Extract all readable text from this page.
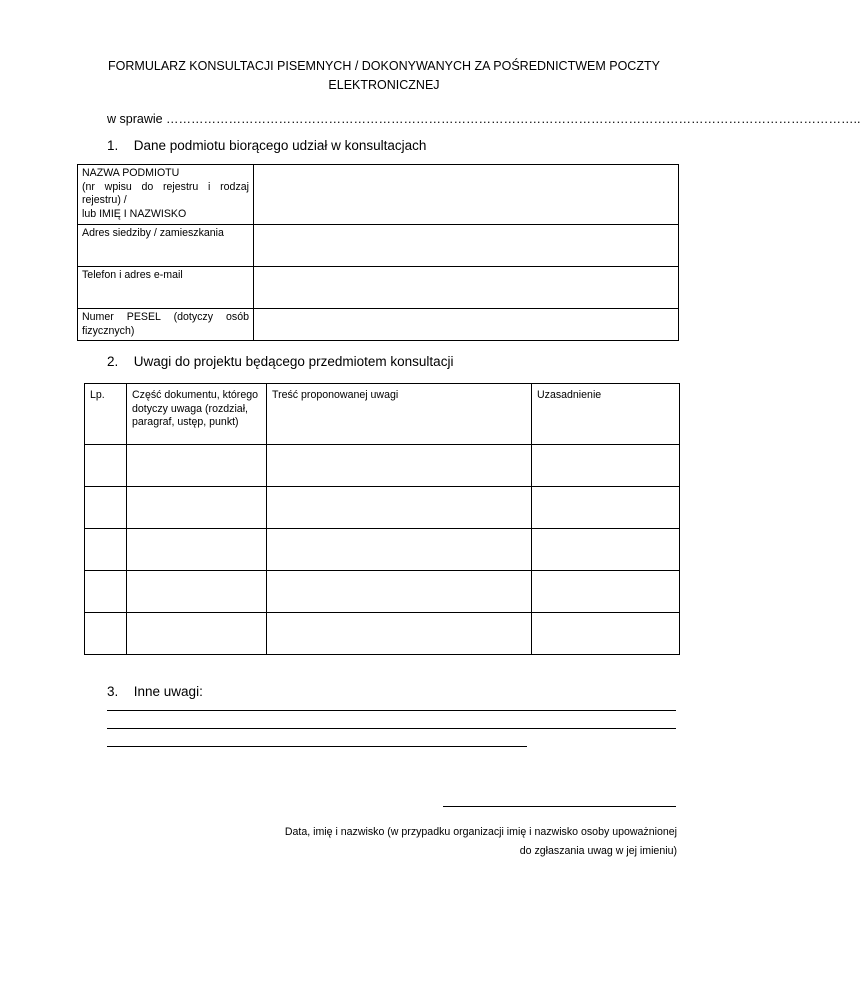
FORMULARZ KONSULTACJI PISEMNYCH / DOKONYWANYCH ZA POŚREDNICTWEM POCZTY
ELEKTRONICZNEJ
w sprawie …………………………………………………………………………………………………………………………………………………..
1. Dane podmiotu biorącego udział w konsultacjach
NAZWA PODMIOTU
(nr wpisu do rejestru i rodzaj rejestru) /
lub IMIĘ I NAZWISKO	

Adres siedziby / zamieszkania	

Telefon i adres e-mail	

Numer PESEL (dotyczy osób fizycznych)	

2. Uwagi do projektu będącego przedmiotem konsultacji
Lp.	Część dokumentu, którego dotyczy uwaga (rozdział, paragraf, ustęp, punkt)	Treść proponowanej uwagi	Uzasadnienie

3. Inne uwagi:
Data, imię i nazwisko (w przypadku organizacji imię i nazwisko osoby upoważnionej
do zgłaszania uwag w jej imieniu)
